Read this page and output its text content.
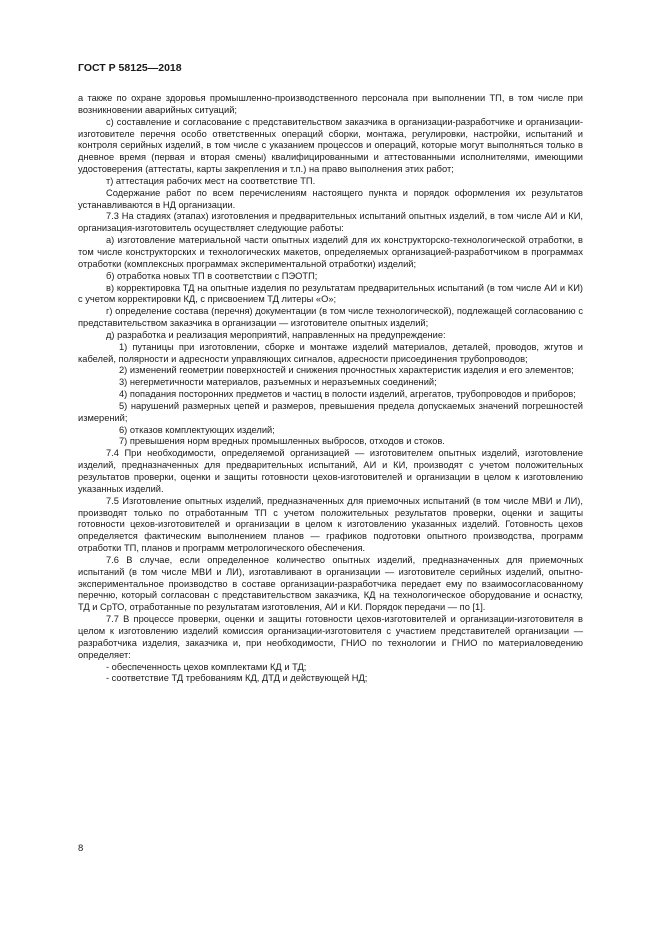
ГОСТ Р 58125—2018

а также по охране здоровья промышленно-производственного персонала при выполнении ТП, в том числе при возникновении аварийных ситуаций;

с) составление и согласование с представительством заказчика в организации-разработчике и организации-изготовителе перечня особо ответственных операций сборки, монтажа, регулировки, настройки, испытаний и контроля серийных изделий, в том числе с указанием процессов и операций, которые могут выполняться только в дневное время (первая и вторая смены) квалифицированными и аттестованными исполнителями, имеющими удостоверения (аттестаты, карты закрепления и т.п.) на право выполнения этих работ;

т) аттестация рабочих мест на соответствие ТП.

Содержание работ по всем перечислениям настоящего пункта и порядок оформления их результатов устанавливаются в НД организации.

7.3 На стадиях (этапах) изготовления и предварительных испытаний опытных изделий, в том числе АИ и КИ, организация-изготовитель осуществляет следующие работы:

а) изготовление материальной части опытных изделий для их конструкторско-технологической отработки, в том числе конструкторских и технологических макетов, определяемых организацией-разработчиком в программах отработки (комплексных программах экспериментальной отработки) изделий;

б) отработка новых ТП в соответствии с ПЭОТП;

в) корректировка ТД на опытные изделия по результатам предварительных испытаний (в том числе АИ и КИ) с учетом корректировки КД, с присвоением ТД литеры «О»;

г) определение состава (перечня) документации (в том числе технологической), подлежащей согласованию с представительством заказчика в организации — изготовителе опытных изделий;

д) разработка и реализация мероприятий, направленных на предупреждение:

1) путаницы при изготовлении, сборке и монтаже изделий материалов, деталей, проводов, жгутов и кабелей, полярности и адресности управляющих сигналов, адресности присоединения трубопроводов;

2) изменений геометрии поверхностей и снижения прочностных характеристик изделия и его элементов;

3) негерметичности материалов, разъемных и неразъемных соединений;

4) попадания посторонних предметов и частиц в полости изделий, агрегатов, трубопроводов и приборов;

5) нарушений размерных цепей и размеров, превышения предела допускаемых значений погрешностей измерений;

6) отказов комплектующих изделий;

7) превышения норм вредных промышленных выбросов, отходов и стоков.

7.4 При необходимости, определяемой организацией — изготовителем опытных изделий, изготовление изделий, предназначенных для предварительных испытаний, АИ и КИ, производят с учетом положительных результатов проверки, оценки и защиты готовности цехов-изготовителей и организации в целом к изготовлению указанных изделий.

7.5 Изготовление опытных изделий, предназначенных для приемочных испытаний (в том числе МВИ и ЛИ), производят только по отработанным ТП с учетом положительных результатов проверки, оценки и защиты готовности цехов-изготовителей и организации в целом к изготовлению указанных изделий. Готовность цехов определяется фактическим выполнением планов — графиков подготовки опытного производства, программ отработки ТП, планов и программ метрологического обеспечения.

7.6 В случае, если определенное количество опытных изделий, предназначенных для приемочных испытаний (в том числе МВИ и ЛИ), изготавливают в организации — изготовителе серийных изделий, опытно-экспериментальное производство в составе организации-разработчика передает ему по взаимосогласованному перечню, который согласован с представительством заказчика, КД на технологическое оборудование и оснастку, ТД и СрТО, отработанные по результатам изготовления, АИ и КИ. Порядок передачи — по [1].

7.7 В процессе проверки, оценки и защиты готовности цехов-изготовителей и организации-изготовителя в целом к изготовлению изделий комиссия организации-изготовителя с участием представителей организации — разработчика изделия, заказчика и, при необходимости, ГНИО по технологии и ГНИО по материаловедению определяет:

- обеспеченность цехов комплектами КД и ТД;

- соответствие ТД требованиям КД, ДТД и действующей НД;

8
